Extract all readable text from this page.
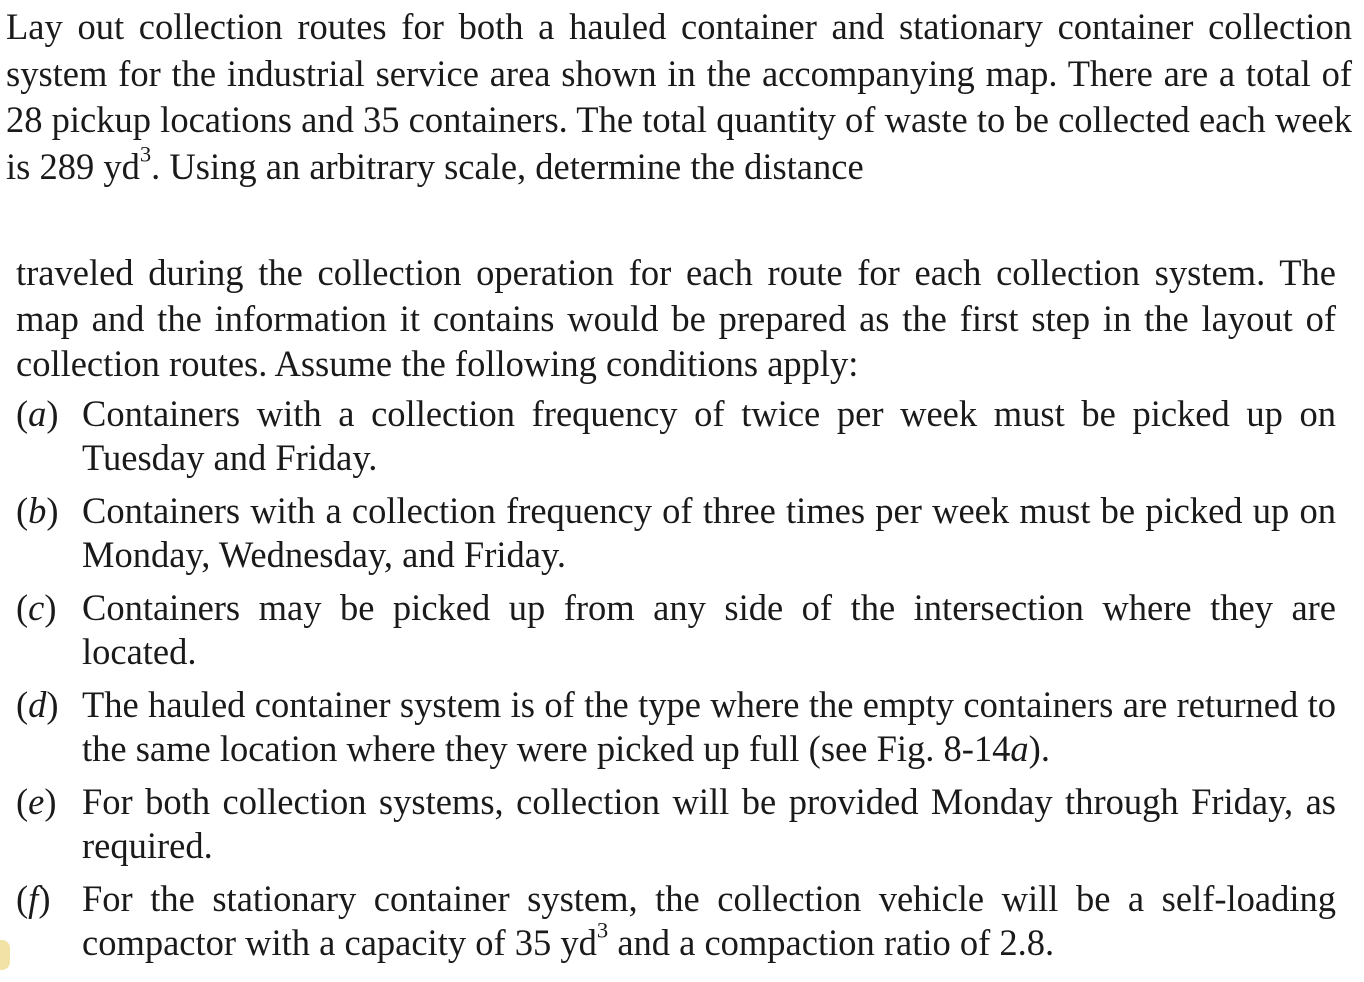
Lay out collection routes for both a hauled container and stationary container collection system for the industrial service area shown in the accompanying map. There are a total of 28 pickup locations and 35 containers. The total quantity of waste to be collected each week is 289 $yd^3$. Using an arbitrary scale, determine the distance

traveled during the collection operation for each route for each collection system. The map and the information it contains would be prepared as the first step in the layout of collection routes. Assume the following conditions apply:

(a) Containers with a collection frequency of twice per week must be picked up on Tuesday and Friday.
(b) Containers with a collection frequency of three times per week must be picked up on Monday, Wednesday, and Friday.
(c) Containers may be picked up from any side of the intersection where they are located.
(d) The hauled container system is of the type where the empty containers are returned to the same location where they were picked up full (see Fig. 8-14a).
(e) For both collection systems, collection will be provided Monday through Friday, as required.
(f) For the stationary container system, the collection vehicle will be a self-loading compactor with a capacity of 35 $yd^3$ and a compaction ratio of 2.8.
